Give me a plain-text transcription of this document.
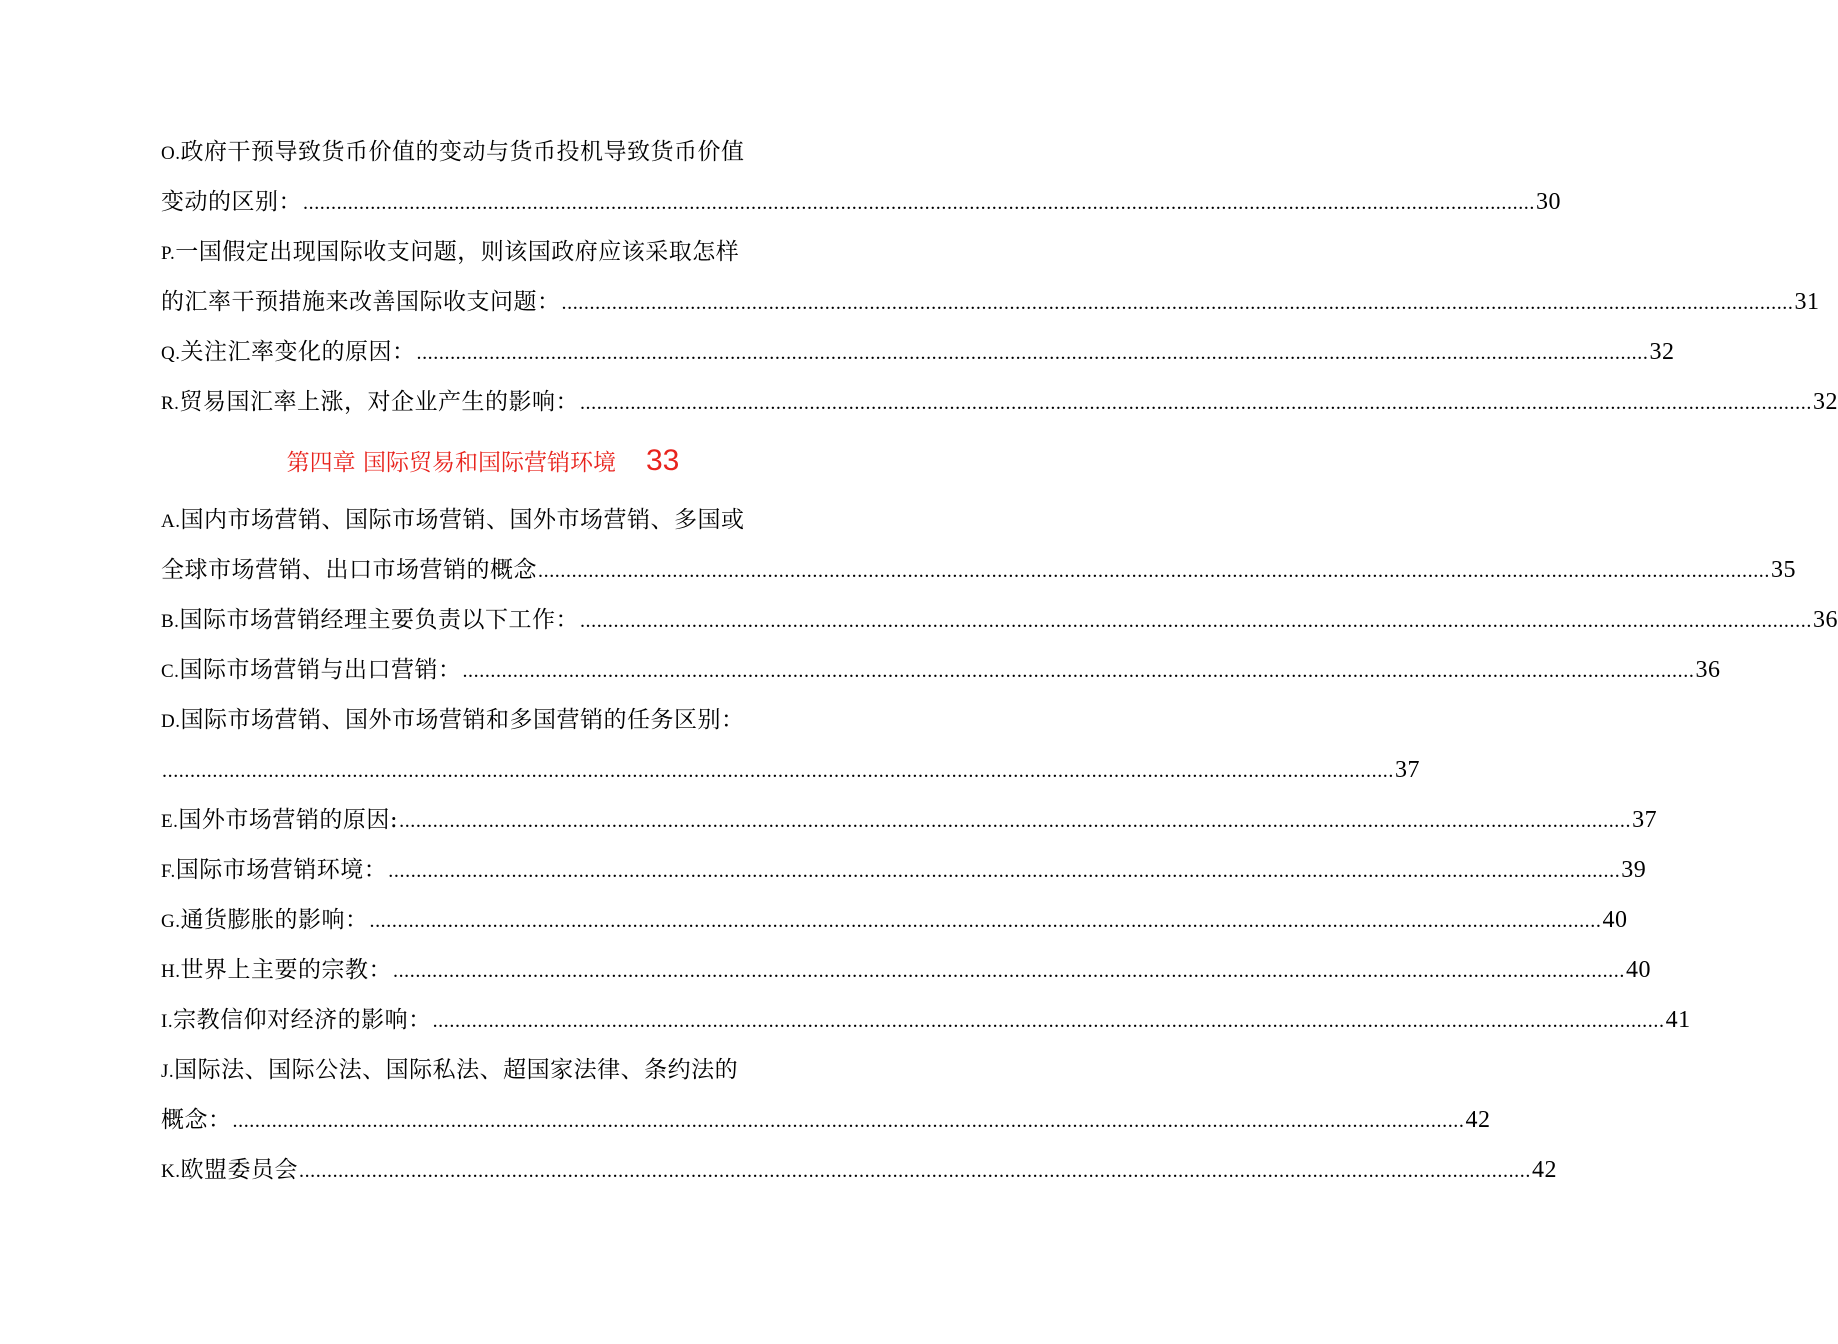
O.政府干预导致货币价值的变动与货币投机导致货币价值
变动的区别： ............................................................................................................................................................................................................................ 30
P.一国假定出现国际收支问题，则该国政府应该采取怎样
的汇率干预措施来改善国际收支问题： ............................................................................................................................................................................................................................ 31
Q.关注汇率变化的原因： ............................................................................................................................................................................................................................ 32
R.贸易国汇率上涨，对企业产生的影响： ............................................................................................................................................................................................................................ 32
第四章 国际贸易和国际营销环境 33
A.国内市场营销、国际市场营销、国外市场营销、多国或
全球市场营销、出口市场营销的概念 ............................................................................................................................................................................................................................ 35
B.国际市场营销经理主要负责以下工作： ............................................................................................................................................................................................................................ 36
C.国际市场营销与出口营销： ............................................................................................................................................................................................................................ 36
D.国际市场营销、国外市场营销和多国营销的任务区别：
............................................................................................................................................................................................................................ 37
E.国外市场营销的原因: ............................................................................................................................................................................................................................ 37
F.国际市场营销环境： ............................................................................................................................................................................................................................ 39
G.通货膨胀的影响： ............................................................................................................................................................................................................................ 40
H.世界上主要的宗教： ............................................................................................................................................................................................................................ 40
I.宗教信仰对经济的影响： ............................................................................................................................................................................................................................ 41
J.国际法、国际公法、国际私法、超国家法律、条约法的
概念： ............................................................................................................................................................................................................................ 42
K.欧盟委员会 ............................................................................................................................................................................................................................ 42
